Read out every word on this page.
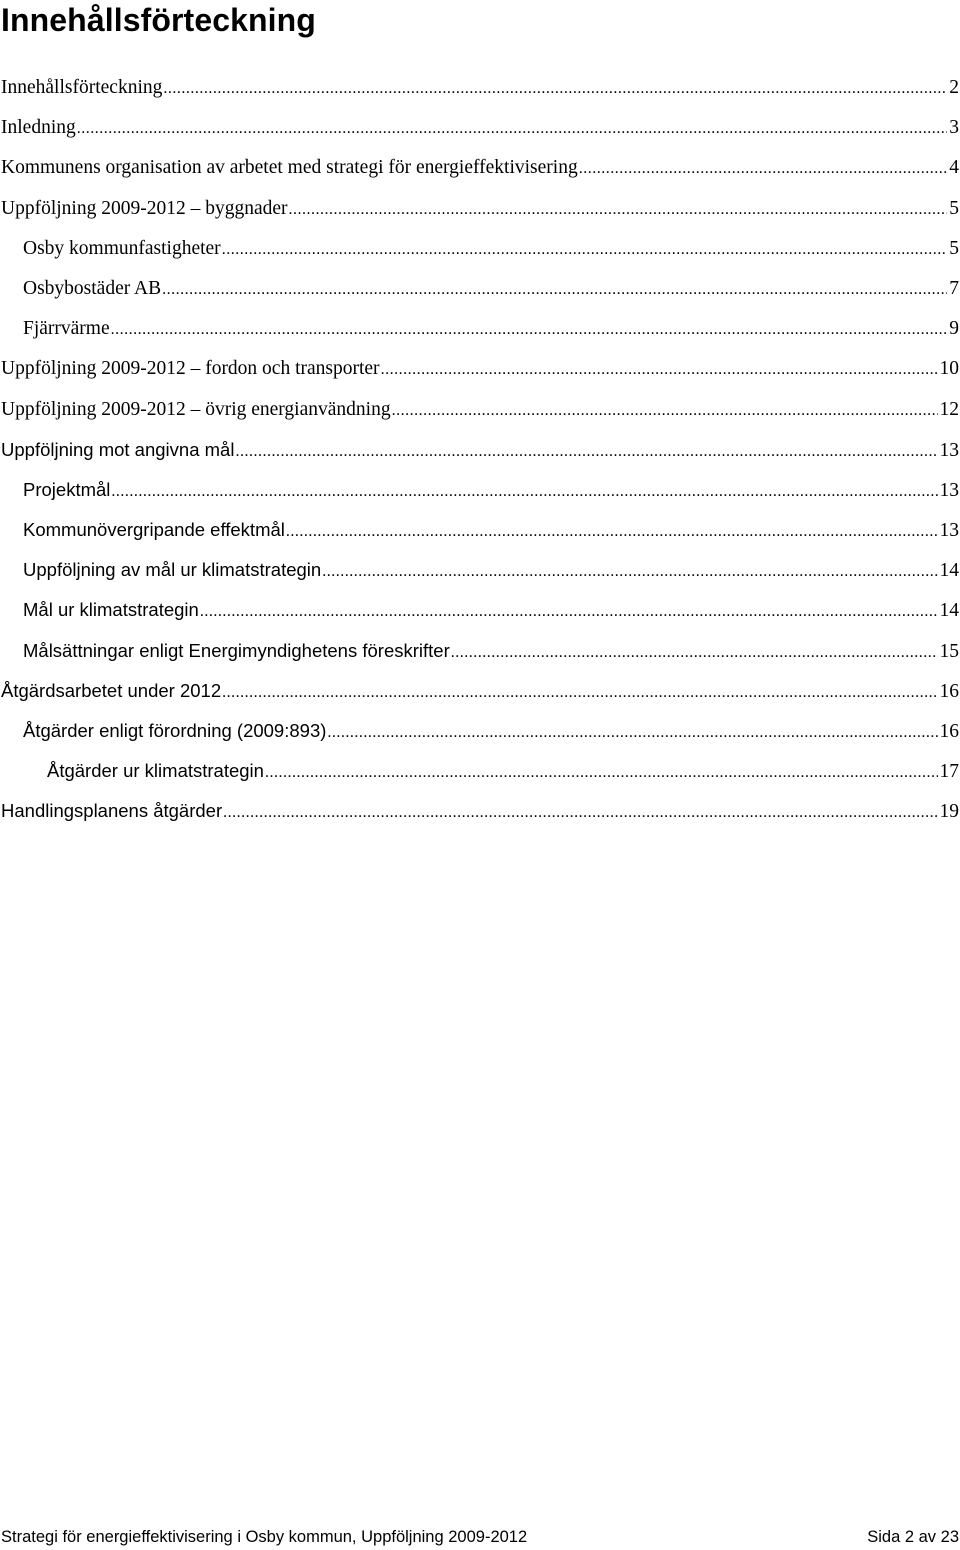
Innehållsförteckning
Innehållsförteckning .....	2
Inledning .....	3
Kommunens organisation av arbetet med strategi för energieffektivisering .....	4
Uppföljning 2009-2012 – byggnader .....	5
Osby kommunfastigheter .....	5
Osbybostäder AB .....	7
Fjärrvärme .....	9
Uppföljning 2009-2012 – fordon och transporter .....	10
Uppföljning 2009-2012 – övrig energianvändning .....	12
Uppföljning mot angivna mål .....	13
Projektmål .....	13
Kommunövergripande effektmål .....	13
Uppföljning av mål ur klimatstrategin .....	14
Mål ur klimatstrategin .....	14
Målsättningar enligt Energimyndighetens föreskrifter .....	15
Åtgärdsarbetet under 2012 .....	16
Åtgärder enligt förordning (2009:893) .....	16
Åtgärder ur klimatstrategin .....	17
Handlingsplanens åtgärder .....	19
Strategi för energieffektivisering i Osby kommun, Uppföljning 2009-2012	Sida 2 av 23
